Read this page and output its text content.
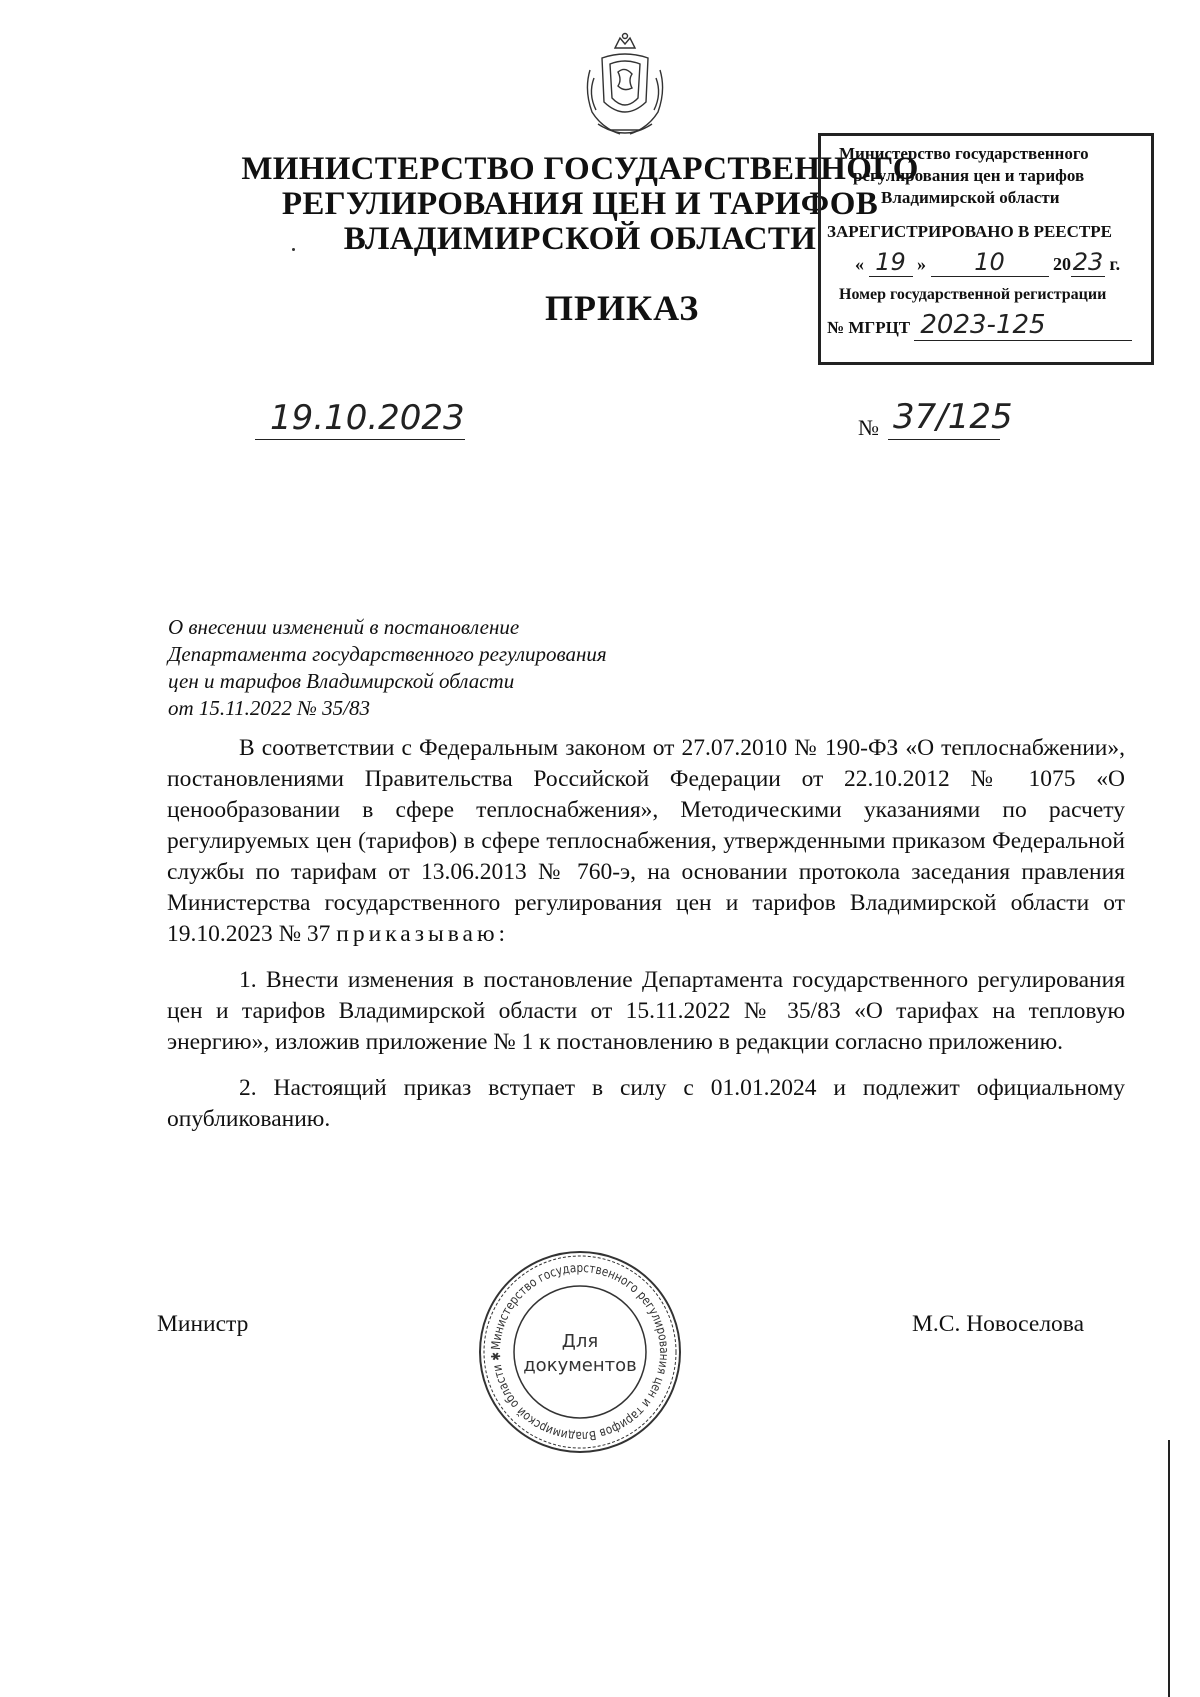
МИНИСТЕРСТВО ГОСУДАРСТВЕННОГО
РЕГУЛИРОВАНИЯ ЦЕН И ТАРИФОВ
ВЛАДИМИРСКОЙ ОБЛАСТИ
ПРИКАЗ
Министерство государственного
регулирования цен и тарифов
Владимирской области
ЗАРЕГИСТРИРОВАНО В РЕЕСТРЕ
« 19 » 10	2023 г.
Номер государственной регистрации
№ МГРЦТ 2023-125
19.10.2023	№ 37/125
О внесении изменений в постановление
Департамента государственного регулирования
цен и тарифов Владимирской области
от 15.11.2022 № 35/83

В соответствии с Федеральным законом от 27.07.2010 № 190-ФЗ «О теплоснабжении», постановлениями Правительства Российской Федерации от 22.10.2012 № 1075 «О ценообразовании в сфере теплоснабжения», Методическими указаниями по расчету регулируемых цен (тарифов) в сфере теплоснабжения, утвержденными приказом Федеральной службы по тарифам от 13.06.2013 № 760-э, на основании протокола заседания правления Министерства государственного регулирования цен и тарифов Владимирской области от 19.10.2023 № 37 приказываю:

1. Внести изменения в постановление Департамента государственного регулирования цен и тарифов Владимирской области от 15.11.2022 № 35/83 «О тарифах на тепловую энергию», изложив приложение № 1 к постановлению в редакции согласно приложению.

2. Настоящий приказ вступает в силу с 01.01.2024 и подлежит официальному опубликованию.

Министр	М.С. Новоселова
Министерство государственного регулирования цен и тарифов Владимирской области ✱
Для
документов
